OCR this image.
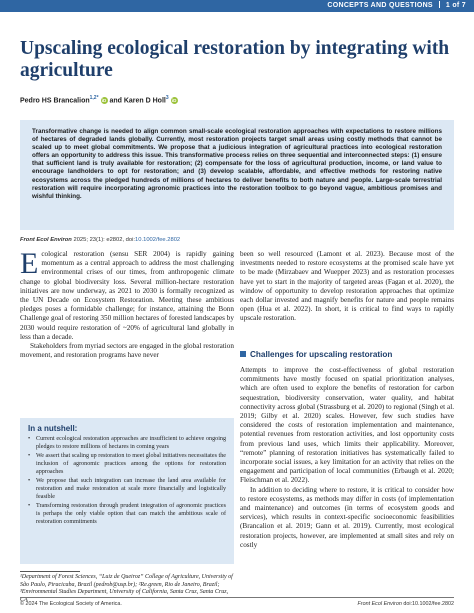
CONCEPTS AND QUESTIONS 1 of 7
Upscaling ecological restoration by integrating with agriculture
Pedro HS Brancalion$^{1,2*}$ iD and Karen D Holl$^3$ iD

Transformative change is needed to align common small-scale ecological restoration approaches with expectations to restore millions of hectares of degraded lands globally. Currently, most restoration projects target small areas using costly methods that cannot be scaled up to meet global commitments. We propose that a judicious integration of agricultural practices into ecological restoration offers an opportunity to address this issue. This transformative process relies on three sequential and interconnected steps: (1) ensure that sufficient land is truly available for restoration; (2) compensate for the loss of agricultural production, income, or land value to encourage landholders to opt for restoration; and (3) develop scalable, affordable, and effective methods for restoring native ecosystems across the pledged hundreds of millions of hectares to deliver benefits to both nature and people. Large-scale terrestrial restoration will require incorporating agronomic practices into the restoration toolbox to go beyond vague, ambitious promises and wishful thinking.

Front Ecol Environ 2025; 23(1): e2802, doi:10.1002/fee.2802

Ecological restoration (sensu SER 2004) is rapidly gaining momentum as a central approach to address the most challenging environmental crises of our times, from anthropogenic climate change to global biodiversity loss. Several million-hectare restoration initiatives are now underway, as 2021 to 2030 is formally recognized as the UN Decade on Ecosystem Restoration. Meeting these ambitious pledges poses a formidable challenge; for instance, attaining the Bonn Challenge goal of restoring 350 million hectares of forested landscapes by 2030 would require restoration of ~20% of agricultural land globally in less than a decade.

Stakeholders from myriad sectors are engaged in the global restoration movement, and restoration programs have never

In a nutshell:
• Current ecological restoration approaches are insufficient to achieve ongoing pledges to restore millions of hectares in coming years
• We assert that scaling up restoration to meet global initiatives necessitates the inclusion of agronomic practices among the options for restoration approaches
• We propose that such integration can increase the land area available for restoration and make restoration at scale more financially and logistically feasible
• Transforming restoration through prudent integration of agronomic practices is perhaps the only viable option that can match the ambitious scale of restoration commitments
¹Department of Forest Sciences, “Luiz de Queiroz” College of Agriculture, University of São Paulo, Piracicaba, Brazil (pedrob@usp.br); ²Re.green, Rio de Janeiro, Brazil; ³Environmental Studies Department, University of California, Santa Cruz, Santa Cruz, CA

been so well resourced (Lamont et al. 2023). Because most of the investments needed to restore ecosystems at the promised scale have yet to be made (Mirzabaev and Wuepper 2023) and as restoration processes have yet to start in the majority of targeted areas (Fagan et al. 2020), the window of opportunity to develop restoration approaches that optimize each dollar invested and magnify benefits for nature and people remains open (Hua et al. 2022). In short, it is critical to find ways to rapidly upscale restoration.

Challenges for upscaling restoration

Attempts to improve the cost-effectiveness of global restoration commitments have mostly focused on spatial prioritization analyses, which are often used to explore the benefits of restoration for carbon sequestration, biodiversity conservation, water quality, and habitat connectivity across global (Strassburg et al. 2020) to regional (Singh et al. 2019; Gilby et al. 2020) scales. However, few such studies have considered the costs of restoration implementation and maintenance, potential revenues from restoration activities, and lost opportunity costs from previous land uses, which limits their applicability. Moreover, “remote” planning of restoration initiatives has systematically failed to incorporate social issues, a key limitation for an activity that relies on the engagement and participation of local communities (Erbaugh et al. 2020; Fleischman et al. 2022).

In addition to deciding where to restore, it is critical to consider how to restore ecosystems, as methods may differ in costs (of implementation and maintenance) and outcomes (in terms of ecosystem goods and services), which results in context-specific socioeconomic feasibilities (Brancalion et al. 2019; Gann et al. 2019). Currently, most ecological restoration projects, however, are implemented at small sites and rely on costly

© 2024 The Ecological Society of America.	Front Ecol Environ doi:10.1002/fee.2802
